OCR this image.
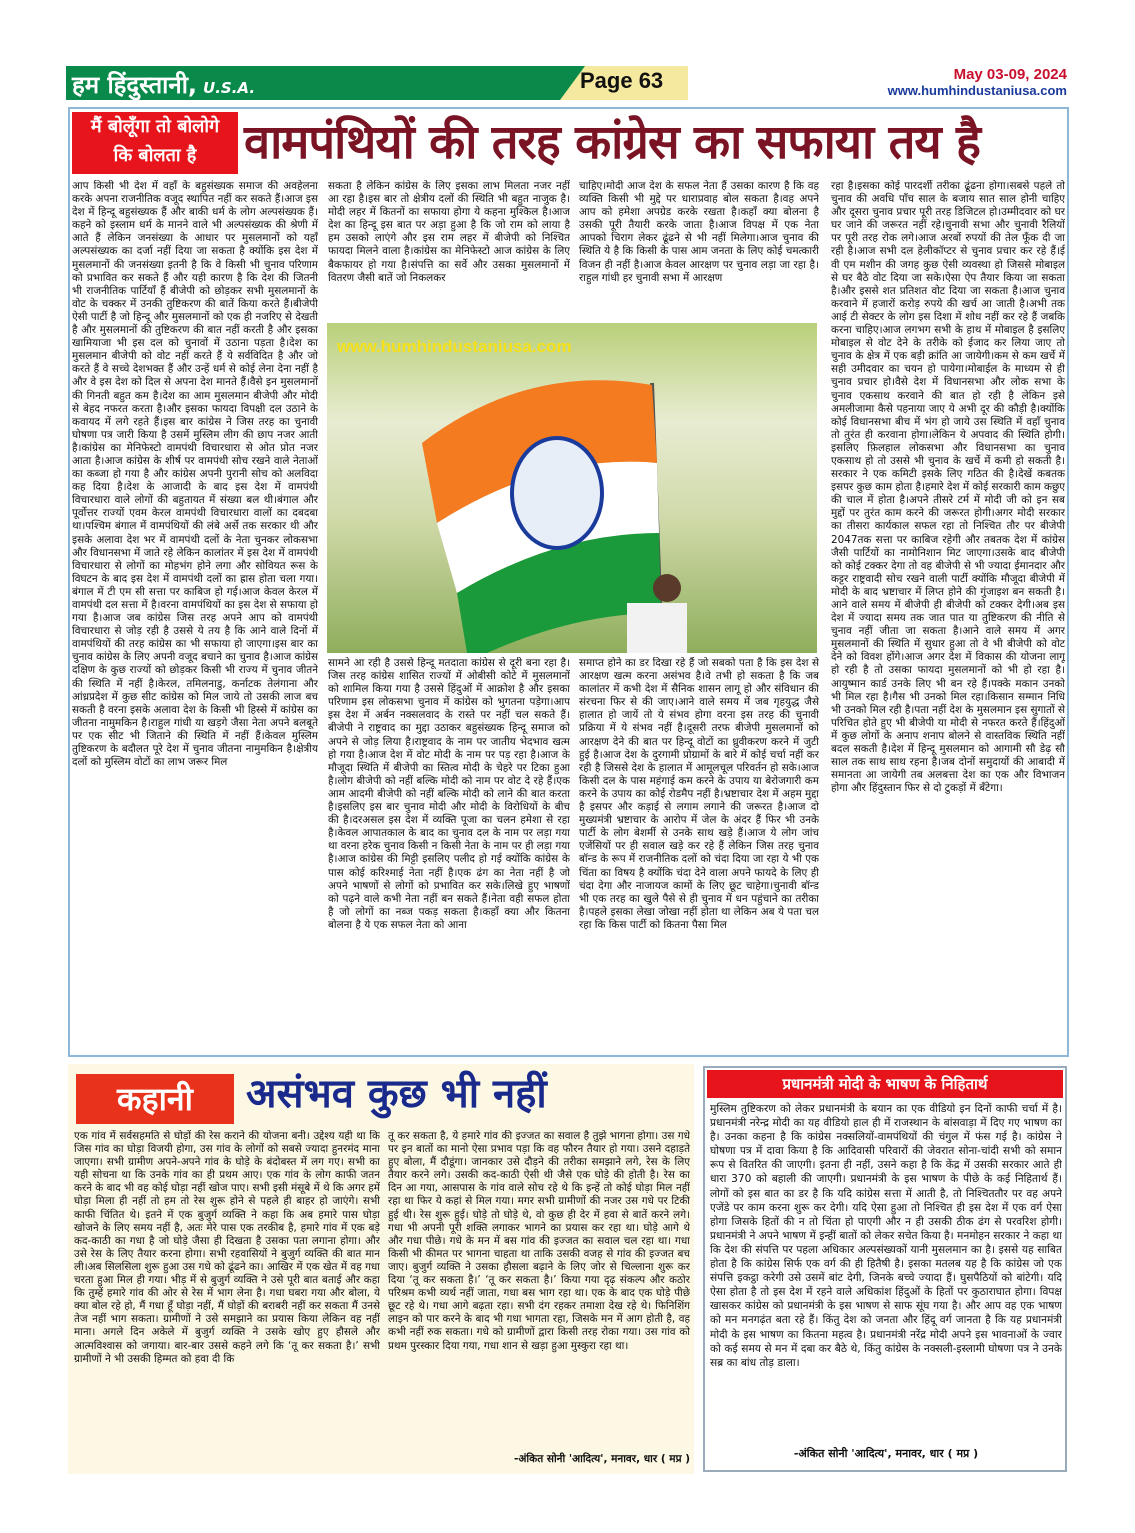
हम हिंदुस्तानी, U.S.A.	Page 63	May 03-09, 2024
www.humhindustaniusa.com
मैं बोलूँगा तो बोलोगे
कि बोलता है	वामपंथियों की तरह कांग्रेस का सफाया तय है
आप किसी भी देश में वहाँ के बहुसंख्यक समाज की अवहेलना करके अपना राजनीतिक वजूद स्थापित नहीं कर सकते हैं।आज इस देश में हिन्दू बहुसंख्यक हैं और बाकी धर्म के लोग अल्पसंख्यक हैं।कहने को इस्लाम धर्म के मानने वाले भी अल्पसंख्यक की श्रेणी में आते हैं लेकिन जनसंख्या के आधार पर मुसलमानों को यहाँ अल्पसंख्यक का दर्जा नहीं दिया जा सकता है क्योंकि इस देश में मुसलमानों की जनसंख्या इतनी है कि वे किसी भी चुनाव परिणाम को प्रभावित कर सकते हैं और यही कारण है कि देश की जितनी भी राजनीतिक पार्टियाँ हैं बीजेपी को छोड़कर सभी मुसलमानों के वोट के चक्कर में उनकी तुष्टिकरण की बातें किया करते हैं।बीजेपी ऐसी पार्टी है जो हिन्दू और मुसलमानों को एक ही नजरिए से देखती है और मुसलमानों की तुष्टिकरण की बात नहीं करती है और इसका खामियाजा भी इस दल को चुनावों में उठाना पड़ता है।देश का मुसलमान बीजेपी को वोट नहीं करते हैं ये सर्वविदित है और जो करते हैं वे सच्चे देशभक्त हैं और उन्हें धर्म से कोई लेना देना नहीं है और वे इस देश को दिल से अपना देश मानते हैं।वैसे इन मुसलमानों की गिनती बहुत कम है।देश का आम मुसलमान बीजेपी और मोदी से बेहद नफरत करता है।और इसका फायदा विपक्षी दल उठाने के कवायद में लगे रहते हैं।इस बार कांग्रेस ने जिस तरह का चुनावी घोषणा पत्र जारी किया है उसमें मुस्लिम लीग की छाप नजर आती है।कांग्रेस का मेनिफेस्टो वामपंथी विचारधारा से ओत प्रोत नजर आता है।आज कांग्रेस के शीर्ष पर वामपंथी सोच रखने वाले नेताओं का कब्जा हो गया है और कांग्रेस अपनी पुरानी सोच को अलविदा कह दिया है।देश के आजादी के बाद इस देश में वामपंथी विचारधारा वाले लोगों की बहुतायत में संख्या बल थी।बंगाल और पूर्वोत्तर राज्यों एवम केरल वामपंथी विचारधारा वालों का दबदबा था।पश्चिम बंगाल में वामपंथियों की लंबे अर्से तक सरकार थी और इसके अलावा देश भर में वामपंथी दलों के नेता चुनकर लोकसभा और विधानसभा में जाते रहे लेकिन कालांतर में इस देश में वामपंथी विचारधारा से लोगों का मोहभंग होने लगा और सोवियत रूस के विघटन के बाद इस देश में वामपंथी दलों का ह्रास होता चला गया।बंगाल में टी एम सी सत्ता पर काबिज हो गई।आज केवल केरल में वामपंथी दल सत्ता में है।वरना वामपंथियों का इस देश से सफाया हो गया है।आज जब कांग्रेस जिस तरह अपने आप को वामपंथी विचारधारा से जोड़ रही है उससे ये तय है कि आने वाले दिनों में वामपंथियों की तरह कांग्रेस का भी सफाया हो जाएगा।इस बार का चुनाव कांग्रेस के लिए अपनी वजूद बचाने का चुनाव है।आज कांग्रेस दक्षिण के कुछ राज्यों को छोड़कर किसी भी राज्य में चुनाव जीतने की स्थिति में नहीं है।केरल, तमिलनाडु, कर्नाटक तेलंगाना और आंध्रप्रदेश में कुछ सीट कांग्रेस को मिल जाये तो उसकी लाज बच सकती है वरना इसके अलावा देश के किसी भी हिस्से में कांग्रेस का जीतना नामुमकिन है।राहुल गांधी या खड़गे जैसा नेता अपने बलबूते पर एक सीट भी जिताने की स्थिति में नहीं हैं।केवल मुस्लिम तुष्टिकरण के बदौलत पूरे देश में चुनाव जीतना नामुमकिन है।क्षेत्रीय दलों को मुस्लिम वोटों का लाभ जरूर मिल
सकता है लेकिन कांग्रेस के लिए इसका लाभ मिलता नजर नहीं आ रहा है।इस बार तो क्षेत्रीय दलों की स्थिति भी बहुत नाजुक है।मोदी लहर में कितनों का सफाया होगा ये कहना मुश्किल है।आज देश का हिन्दू इस बात पर अड़ा हुआ है कि जो राम को लाया है हम उसको लाएंगे और इस राम लहर में बीजेपी को निश्चित फायदा मिलने वाला है।कांग्रेस का मेनिफेस्टो आज कांग्रेस के लिए बैकफायर हो गया है।संपत्ति का सर्वे और उसका मुसलमानों में वितरण जैसी बातें जो निकलकर
चाहिए।मोदी आज देश के सफल नेता हैं उसका कारण है कि वह व्यक्ति किसी भी मुद्दे पर धाराप्रवाह बोल सकता है।वह अपने आप को हमेशा अपग्रेड करके रखता है।कहाँ क्या बोलना है उसकी पूरी तैयारी करके जाता है।आज विपक्ष में एक नेता आपको चिराग लेकर ढूंढने से भी नहीं मिलेगा।आज चुनाव की स्थिति ये है कि किसी के पास आम जनता के लिए कोई चमत्कारी विजन ही नहीं है।आज केवल आरक्षण पर चुनाव लड़ा जा रहा है।राहुल गांधी हर चुनावी सभा में आरक्षण
www.humhindustaniusa.com
सामने आ रही है उससे हिन्दू मतदाता कांग्रेस से दूरी बना रहा है।जिस तरह कांग्रेस शासित राज्यों में ओबीसी कोटे में मुसलमानों को शामिल किया गया है उससे हिंदुओं में आक्रोश है और इसका परिणाम इस लोकसभा चुनाव में कांग्रेस को भुगतना पड़ेगा।आप इस देश में अर्बन नक्सलवाद के रास्ते पर नहीं चल सकते हैं।बीजेपी ने राष्ट्रवाद का मुद्दा उठाकर बहुसंख्यक हिन्दू समाज को अपने से जोड़ लिया है।राष्ट्रवाद के नाम पर जातीय भेदभाव खत्म हो गया है।आज देश में वोट मोदी के नाम पर पड़ रहा है।आज के मौजूदा स्थिति में बीजेपी का स्तित्व मोदी के चेहरे पर टिका हुआ है।लोग बीजेपी को नहीं बल्कि मोदी को नाम पर वोट दे रहे हैं।एक आम आदमी बीजेपी को नहीं बल्कि मोदी को लाने की बात करता है।इसलिए इस बार चुनाव मोदी और मोदी के विरोधियों के बीच की है।दरअसल इस देश में व्यक्ति पूजा का चलन हमेशा से रहा है।केवल आपातकाल के बाद का चुनाव दल के नाम पर लड़ा गया था वरना हरेक चुनाव किसी न किसी नेता के नाम पर ही लड़ा गया है।आज कांग्रेस की मिट्टी इसलिए पलीद हो गई क्योंकि कांग्रेस के पास कोई करिश्माई नेता नहीं है।एक ढंग का नेता नहीं है जो अपने भाषणों से लोगों को प्रभावित कर सके।लिखे हुए भाषणों को पढ़ने वाले कभी नेता नहीं बन सकते हैं।नेता वही सफल होता है जो लोगों का नब्ज पकड़ सकता है।कहाँ क्या और कितना बोलना है ये एक सफल नेता को आना
समाप्त होने का डर दिखा रहे हैं जो सबको पता है कि इस देश से आरक्षण खत्म करना असंभव है।वे तभी हो सकता है कि जब कालांतर में कभी देश में सैनिक शासन लागू हो और संविधान की संरचना फिर से की जाए।आने वाले समय में जब गृहयुद्ध जैसे हालात हो जायें तो ये संभव होगा वरना इस तरह की चुनावी प्रक्रिया में ये संभव नहीं है।दूसरी तरफ बीजेपी मुसलमानों को आरक्षण देने की बात पर हिन्दू वोटों का ध्रुवीकरण करने में जुटी हुई है।आज देश के दुरगामी प्रोग्रामों के बारे में कोई चर्चा नहीं कर रही है जिससे देश के हालात में आमूलचूल परिवर्तन हो सके।आज किसी दल के पास महंगाई कम करने के उपाय या बेरोजगारी कम करने के उपाय का कोई रोडमैप नहीं है।भ्रष्टाचार देश में अहम मुद्दा है इसपर और कड़ाई से लगाम लगाने की जरूरत है।आज दो मुख्यमंत्री भ्रष्टाचार के आरोप में जेल के अंदर हैं फिर भी उनके पार्टी के लोग बेशर्मी से उनके साथ खड़े हैं।आज ये लोग जांच एजेंसियों पर ही सवाल खड़े कर रहे हैं लेकिन जिस तरह चुनाव बॉन्ड के रूप में राजनीतिक दलों को चंदा दिया जा रहा ये भी एक चिंता का विषय है क्योंकि चंदा देने वाला अपने फायदे के लिए ही चंदा देगा और नाजायज कामों के लिए छूट चाहेगा।चुनावी बॉन्ड भी एक तरह का खुले पैसे से ही चुनाव में धन पहुंचाने का तरीका है।पहले इसका लेखा जोखा नहीं होता था लेकिन अब ये पता चल रहा कि किस पार्टी को कितना पैसा मिल
रहा है।इसका कोई पारदर्शी तरीका ढूंढना होगा।सबसे पहले तो चुनाव की अवधि पाँच साल के बजाय सात साल होनी चाहिए और दूसरा चुनाव प्रचार पूरी तरह डिजिटल हो।उम्मीदवार को घर घर जाने की जरूरत नहीं रहे।चुनावी सभा और चुनावी रैलियों पर पूरी तरह रोक लगे।आज अरबों रुपयों की तेल फूँक दी जा रही है।आज सभी दल हेलीकॉप्टर से चुनाव प्रचार कर रहे हैं।ई वी एम मशीन की जगह कुछ ऐसी व्यवस्था हो जिससे मोबाइल से घर बैठे वोट दिया जा सके।ऐसा ऐप तैयार किया जा सकता है।और इससे शत प्रतिशत वोट दिया जा सकता है।आज चुनाव करवाने में हजारों करोड़ रुपये की खर्च आ जाती है।अभी तक आई टी सेक्टर के लोग इस दिशा में शोध नहीं कर रहे हैं जबकि करना चाहिए।आज लगभग सभी के हाथ में मोबाइल है इसलिए मोबाइल से वोट देने के तरीके को ईजाद कर लिया जाए तो चुनाव के क्षेत्र में एक बड़ी क्रांति आ जायेगी।कम से कम खर्चे में सही उमीदवार का चयन हो पायेगा।मोबाईल के माध्यम से ही चुनाव प्रचार हो।वैसे देश में विधानसभा और लोक सभा के चुनाव एकसाथ करवाने की बात हो रही है लेकिन इसे अमलीजामा कैसे पहनाया जाए ये अभी दूर की कौड़ी है।क्योंकि कोई विधानसभा बीच में भंग हो जाये उस स्थिति में वहाँ चुनाव तो तुरंत ही करवाना होगा।लेकिन ये अपवाद की स्थिति होगी।इसलिए फ़िलहाल लोकसभा और विधानसभा का चुनाव एकसाथ हो तो उससे भी चुनाव के खर्चे में कमी हो सकती है।सरकार ने एक कमिटी इसके लिए गठित की है।देखें कबतक इसपर कुछ काम होता है।हमारे देश में कोई सरकारी काम कछुए की चाल में होता है।अपने तीसरे टर्म में मोदी जी को इन सब मुद्दों पर तुरंत काम करने की जरूरत होगी।अगर मोदी सरकार का तीसरा कार्यकाल सफल रहा तो निश्चित तौर पर बीजेपी 2047तक सत्ता पर काबिज रहेगी और तबतक देश में कांग्रेस जैसी पार्टियों का नामोनिशान मिट जाएगा।उसके बाद बीजेपी को कोई टक्कर देगा तो वह बीजेपी से भी ज्यादा ईमानदार और कट्टर राष्ट्रवादी सोच रखने वाली पार्टी क्योंकि मौजूदा बीजेपी में मोदी के बाद भ्रष्टाचार में लिप्त होने की गुंजाइश बन सकती है।आने वाले समय में बीजेपी ही बीजेपी को टक्कर देगी।अब इस देश में ज्यादा समय तक जात पात या तुष्टिकरण की नीति से चुनाव नहीं जीता जा सकता है।आने वाले समय में अगर मुसलमानों की स्थिति में सुधार हुआ तो वे भी बीजेपी को वोट देने को विवश होंगे।आज अगर देश में विकास की योजना लागू हो रही है तो उसका फायदा मुसलमानों को भी हो रहा है।आयुष्मान कार्ड उनके लिए भी बन रहे हैं।पक्के मकान उनको भी मिल रहा है।गैस भी उनको मिल रहा।किसान सम्मान निधि भी उनको मिल रही है।पता नहीं देश के मुसलमान इस सुगातों से परिचित होते हुए भी बीजेपी या मोदी से नफरत करते हैं।हिंदुओं में कुछ लोगों के अनाप शनाप बोलने से वास्तविक स्थिति नहीं बदल सकती है।देश में हिन्दू मुसलमान को आगामी सौ डेढ़ सौ साल तक साथ साथ रहना है।जब दोनों समुदायों की आबादी में समानता आ जायेगी तब अलबत्ता देश का एक और विभाजन होगा और हिंदुस्तान फिर से दो टुकड़ों में बँटेगा।
कहानी	असंभव कुछ भी नहीं
एक गांव में सर्वसहमति से घोड़ों की रेस कराने की योजना बनी। उद्देश्य यही था कि जिस गांव का घोड़ा विजयी होगा, उस गांव के लोगों को सबसे ज्यादा हुनरमंद माना जाएगा। सभी ग्रामीण अपने-अपने गांव के घोड़े के बंदोबस्त में लग गए। सभी का यही सोचना था कि उनके गांव का ही प्रथम आए। एक गांव के लोग काफी जतन करने के बाद भी वह कोई घोड़ा नहीं खोज पाए। सभी इसी मंसूबे में थे कि अगर हमें घोड़ा मिला ही नहीं तो हम तो रेस शुरू होने से पहले ही बाहर हो जाएंगे। सभी काफी चिंतित थे। इतने में एक बुजुर्ग व्यक्ति ने कहा कि अब हमारे पास घोड़ा खोजने के लिए समय नहीं है, अतः मेरे पास एक तरकीब है, हमारे गांव में एक बड़े कद-काठी का गधा है जो घोड़े जैसा ही दिखता है उसका पता लगाना होगा। और उसे रेस के लिए तैयार करना होगा। सभी रहवासियों ने बुजुर्ग व्यक्ति की बात मान ली।अब सिलसिला शुरू हुआ उस गधे को ढूंढने का। आखिर में एक खेत में वह गधा चरता हुआ मिल ही गया। भीड़ में से बुजुर्ग व्यक्ति ने उसे पूरी बात बताई और कहा कि तुम्हें हमारे गांव की ओर से रेस में भाग लेना है। गधा घबरा गया और बोला, ये क्या बोल रहे हो, मैं गधा हूँ घोड़ा नहीं, मैं घोड़ों की बराबरी नहीं कर सकता मैं उनसे तेज नहीं भाग सकता। ग्रामीणों ने उसे समझाने का प्रयास किया लेकिन वह नहीं माना। अगले दिन अकेले में बुजुर्ग व्यक्ति ने उसके खोए हुए हौसले और आत्मविश्वास को जगाया। बार-बार उससे कहने लगे कि ‘तू कर सकता है।’ सभी ग्रामीणों ने भी उसकी हिम्मत को हवा दी कि
तू कर सकता है, ये हमारे गांव की इज्जत का सवाल है तुझे भागना होगा। उस गधे पर इन बातों का मानो ऐसा प्रभाव पड़ा कि वह फौरन तैयार हो गया। उसने दहाड़ते हुए बोला, मैं दौडूंगा। जानकार उसे दौड़ने की तरीका समझाने लगे, रेस के लिए तैयार करने लगे। उसकी कद-काठी ऐसी थी जैसे एक घोड़े की होती है। रेस का दिन आ गया, आसपास के गांव वाले सोच रहे थे कि इन्हें तो कोई घोड़ा मिल नहीं रहा था फिर ये कहां से मिल गया। मगर सभी ग्रामीणों की नजर उस गधे पर टिकी हुई थी। रेस शुरू हुई। घोड़े तो घोड़े थे, वो कुछ ही देर में हवा से बातें करने लगे। गधा भी अपनी पूरी शक्ति लगाकर भागने का प्रयास कर रहा था। घोड़े आगे थे और गधा पीछे। गधे के मन में बस गांव की इज्जत का सवाल चल रहा था। गधा किसी भी कीमत पर भागना चाहता था ताकि उसकी वजह से गांव की इज्जत बच जाए। बुजुर्ग व्यक्ति ने उसका हौसला बढ़ाने के लिए जोर से चिल्लाना शुरू कर दिया ‘तू कर सकता है।’ ‘तू कर सकता है।’ किया गया दृढ़ संकल्प और कठोर परिश्रम कभी व्यर्थ नहीं जाता, गधा बस भाग रहा था। एक के बाद एक घोड़े पीछे छूट रहे थे। गधा आगे बढ़ता रहा। सभी दंग रहकर तमाशा देख रहे थे। फिनिशिंग लाइन को पार करने के बाद भी गधा भागता रहा, जिसके मन में आग होती है, वह कभी नहीं रुक सकता। गधे को ग्रामीणों द्वारा किसी तरह रोका गया। उस गांव को प्रथम पुरस्कार दिया गया, गधा शान से खड़ा हुआ मुस्कुरा रहा था।
-अंकित सोनी 'आदित्य', मनावर, धार ( मप्र )
प्रधानमंत्री मोदी के भाषण के निहितार्थ
मुस्लिम तुष्टिकरण को लेकर प्रधानमंत्री के बयान का एक वीडियो इन दिनों काफी चर्चा में है। प्रधानमंत्री नरेन्द्र मोदी का यह वीडियो हाल ही में राजस्थान के बांसवाड़ा में दिए गए भाषण का है। उनका कहना है कि कांग्रेस नक्सलियों-वामपंथियों की चंगुल में फंस गई है। कांग्रेस ने घोषणा पत्र में दावा किया है कि आदिवासी परिवारों की जेवरात सोना-चांदी सभी को समान रूप से वितरित की जाएगी। इतना ही नहीं, उसने कहा है कि केंद्र में उसकी सरकार आते ही धारा 370 को बहाली की जाएगी। प्रधानमंत्री के इस भाषण के पीछे के कई निहितार्थ हैं। लोगों को इस बात का डर है कि यदि कांग्रेस सत्ता में आती है, तो निश्चिततौर पर वह अपने एजेंडे पर काम करना शुरू कर देगी। यदि ऐसा हुआ तो निश्चित ही इस देश में एक वर्ग ऐसा होगा जिसके हितों की न तो चिंता हो पाएगी और न ही उसकी ठीक ढंग से परवरिश होगी। प्रधानमंत्री ने अपने भाषण में इन्हीं बातों को लेकर सचेत किया है। मनमोहन सरकार ने कहा था कि देश की संपत्ति पर पहला अधिकार अल्पसंख्यकों यानी मुसलमान का है। इससे यह साबित होता है कि कांग्रेस सिर्फ एक वर्ग की ही हितैषी है। इसका मतलब यह है कि कांग्रेस जो एक संपत्ति इकट्ठा करेगी उसे उसमें बांट देगी, जिनके बच्चे ज्यादा हैं। घुसपैठियों को बांटेगी। यदि ऐसा होता है तो इस देश में रहने वाले अधिकांश हिंदुओं के हितों पर कुठाराघात होगा। विपक्ष खासकर कांग्रेस को प्रधानमंत्री के इस भाषण से साफ सूंघ गया है। और आप वह एक भाषण को मन मनगढ़ंत बता रहे हैं। किंतु देश को जनता और हिंदू वर्ग जानता है कि यह प्रधानमंत्री मोदी के इस भाषण का कितना महत्व है। प्रधानमंत्री नरेंद्र मोदी अपने इस भावनाओं के ज्वार को कई समय से मन में दबा कर बैठे थे, किंतु कांग्रेस के नक्सली-इस्लामी घोषणा पत्र ने उनके सब्र का बांध तोड़ डाला।
-अंकित सोनी 'आदित्य', मनावर, धार ( मप्र )
